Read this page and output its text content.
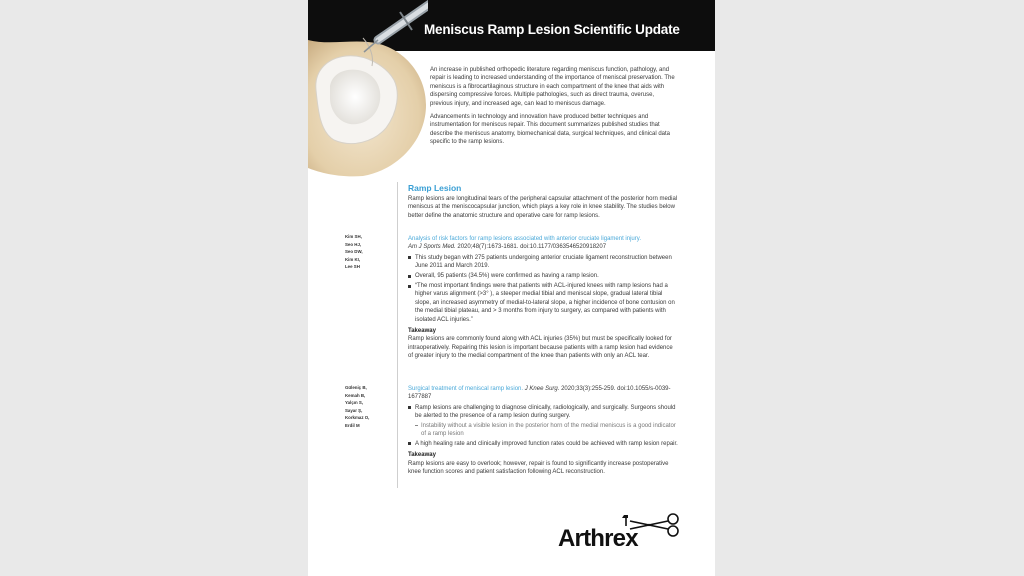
Meniscus Ramp Lesion Scientific Update

An increase in published orthopedic literature regarding meniscus function, pathology, and repair is leading to increased understanding of the importance of meniscal preservation. The meniscus is a fibrocartilaginous structure in each compartment of the knee that aids with dispersing compressive forces. Multiple pathologies, such as direct trauma, overuse, previous injury, and increased age, can lead to meniscus damage.

Advancements in technology and innovation have produced better techniques and instrumentation for meniscus repair. This document summarizes published studies that describe the meniscus anatomy, biomechanical data, surgical techniques, and clinical data specific to the ramp lesions.

Ramp Lesion
Ramp lesions are longitudinal tears of the peripheral capsular attachment of the posterior horn medial meniscus at the meniscocapsular junction, which plays a key role in knee stability. The studies below better define the anatomic structure and operative care for ramp lesions.
Kim SH,
Seo HJ,
Seo DW,
Kim KI,
Lee SH
Analysis of risk factors for ramp lesions associated with anterior cruciate ligament injury.
Am J Sports Med. 2020;48(7):1673-1681. doi:10.1177/0363546520918207
This study began with 275 patients undergoing anterior cruciate ligament reconstruction between June 2011 and March 2019.
Overall, 95 patients (34.5%) were confirmed as having a ramp lesion.
“The most important findings were that patients with ACL-injured knees with ramp lesions had a higher varus alignment (>3° ), a steeper medial tibial and meniscal slope, gradual lateral tibial slope, an increased asymmetry of medial-to-lateral slope, a higher incidence of bone contusion on the medial tibial plateau, and > 3 months from injury to surgery, as compared with patients with isolated ACL injuries.”
Takeaway
Ramp lesions are commonly found along with ACL injuries (35%) but must be specifically looked for intraoperatively. Repairing this lesion is important because patients with a ramp lesion had evidence of greater injury to the medial compartment of the knee than patients with only an ACL tear.
Güleniç B,
Kemah B,
Yalçın S,
Sayar Ş,
Korkmaz O,
Erdil M
Surgical treatment of meniscal ramp lesion. J Knee Surg. 2020;33(3):255-259. doi:10.1055/s-0039-1677887
Ramp lesions are challenging to diagnose clinically, radiologically, and surgically. Surgeons should be alerted to the presence of a ramp lesion during surgery.
Instability without a visible lesion in the posterior horn of the medial meniscus is a good indicator of a ramp lesion
A high healing rate and clinically improved function rates could be achieved with ramp lesion repair.
Takeaway
Ramp lesions are easy to overlook; however, repair is found to significantly increase postoperative knee function scores and patient satisfaction following ACL reconstruction.
Arthrex
